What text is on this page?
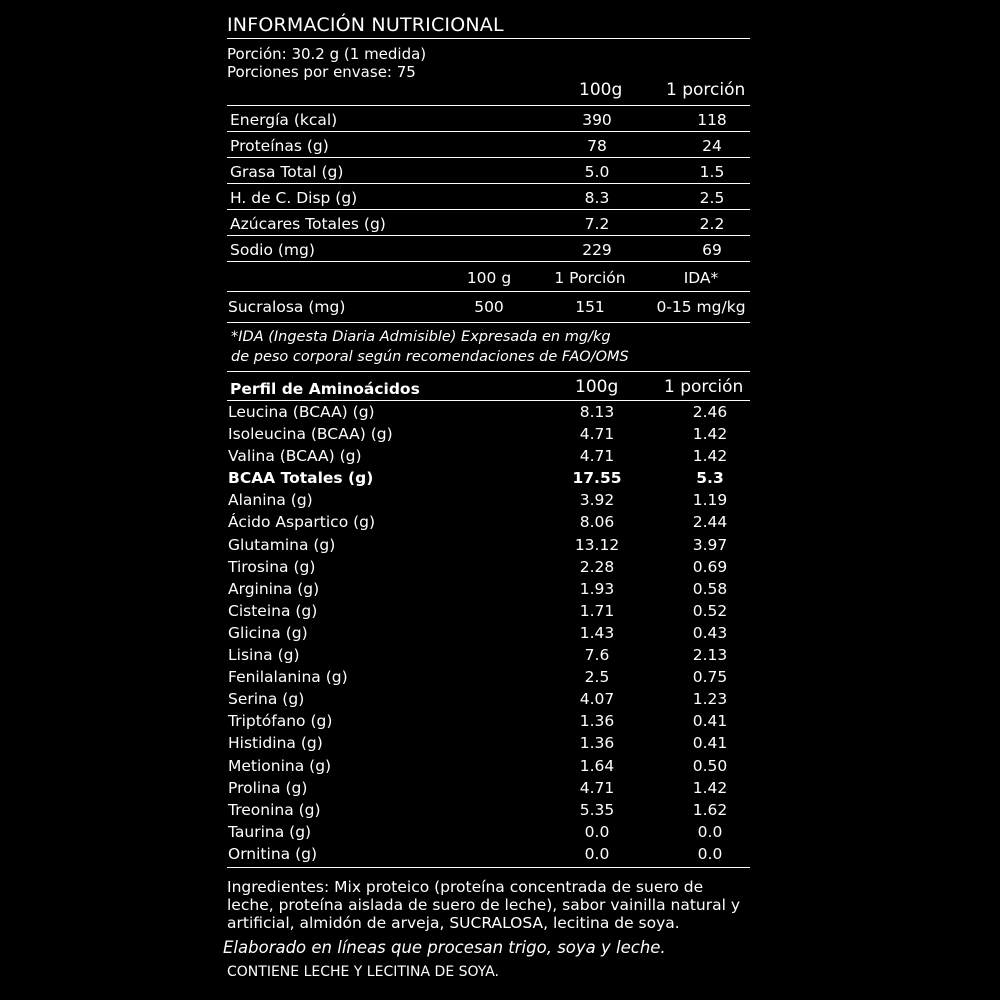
INFORMACIÓN NUTRICIONAL
Porción: 30.2 g (1 medida)
Porciones por envase: 75
100g	1 porción
Energía (kcal)	390	118
Proteínas (g)	78	24
Grasa Total (g)	5.0	1.5
H. de C. Disp (g)	8.3	2.5
Azúcares Totales (g)	7.2	2.2
Sodio (mg)	229	69
100 g	1 Porción	IDA*
Sucralosa (mg)	500	151	0-15 mg/kg
*IDA (Ingesta Diaria Admisible) Expresada en mg/kg
de peso corporal según recomendaciones de FAO/OMS
Perfil de Aminoácidos	100g	1 porción
Leucina (BCAA) (g)	8.13	2.46
Isoleucina (BCAA) (g)	4.71	1.42
Valina (BCAA) (g)	4.71	1.42
BCAA Totales (g)	17.55	5.3
Alanina (g)	3.92	1.19
Ácido Aspartico (g)	8.06	2.44
Glutamina (g)	13.12	3.97
Tirosina (g)	2.28	0.69
Arginina (g)	1.93	0.58
Cisteina (g)	1.71	0.52
Glicina (g)	1.43	0.43
Lisina (g)	7.6	2.13
Fenilalanina (g)	2.5	0.75
Serina (g)	4.07	1.23
Triptófano (g)	1.36	0.41
Histidina (g)	1.36	0.41
Metionina (g)	1.64	0.50
Prolina (g)	4.71	1.42
Treonina (g)	5.35	1.62
Taurina (g)	0.0	0.0
Ornitina (g)	0.0	0.0
Ingredientes: Mix proteico (proteína concentrada de suero de leche, proteína aislada de suero de leche), sabor vainilla natural y artificial, almidón de arveja, SUCRALOSA, lecitina de soya.
Elaborado en líneas que procesan trigo, soya y leche.
CONTIENE LECHE Y LECITINA DE SOYA.
